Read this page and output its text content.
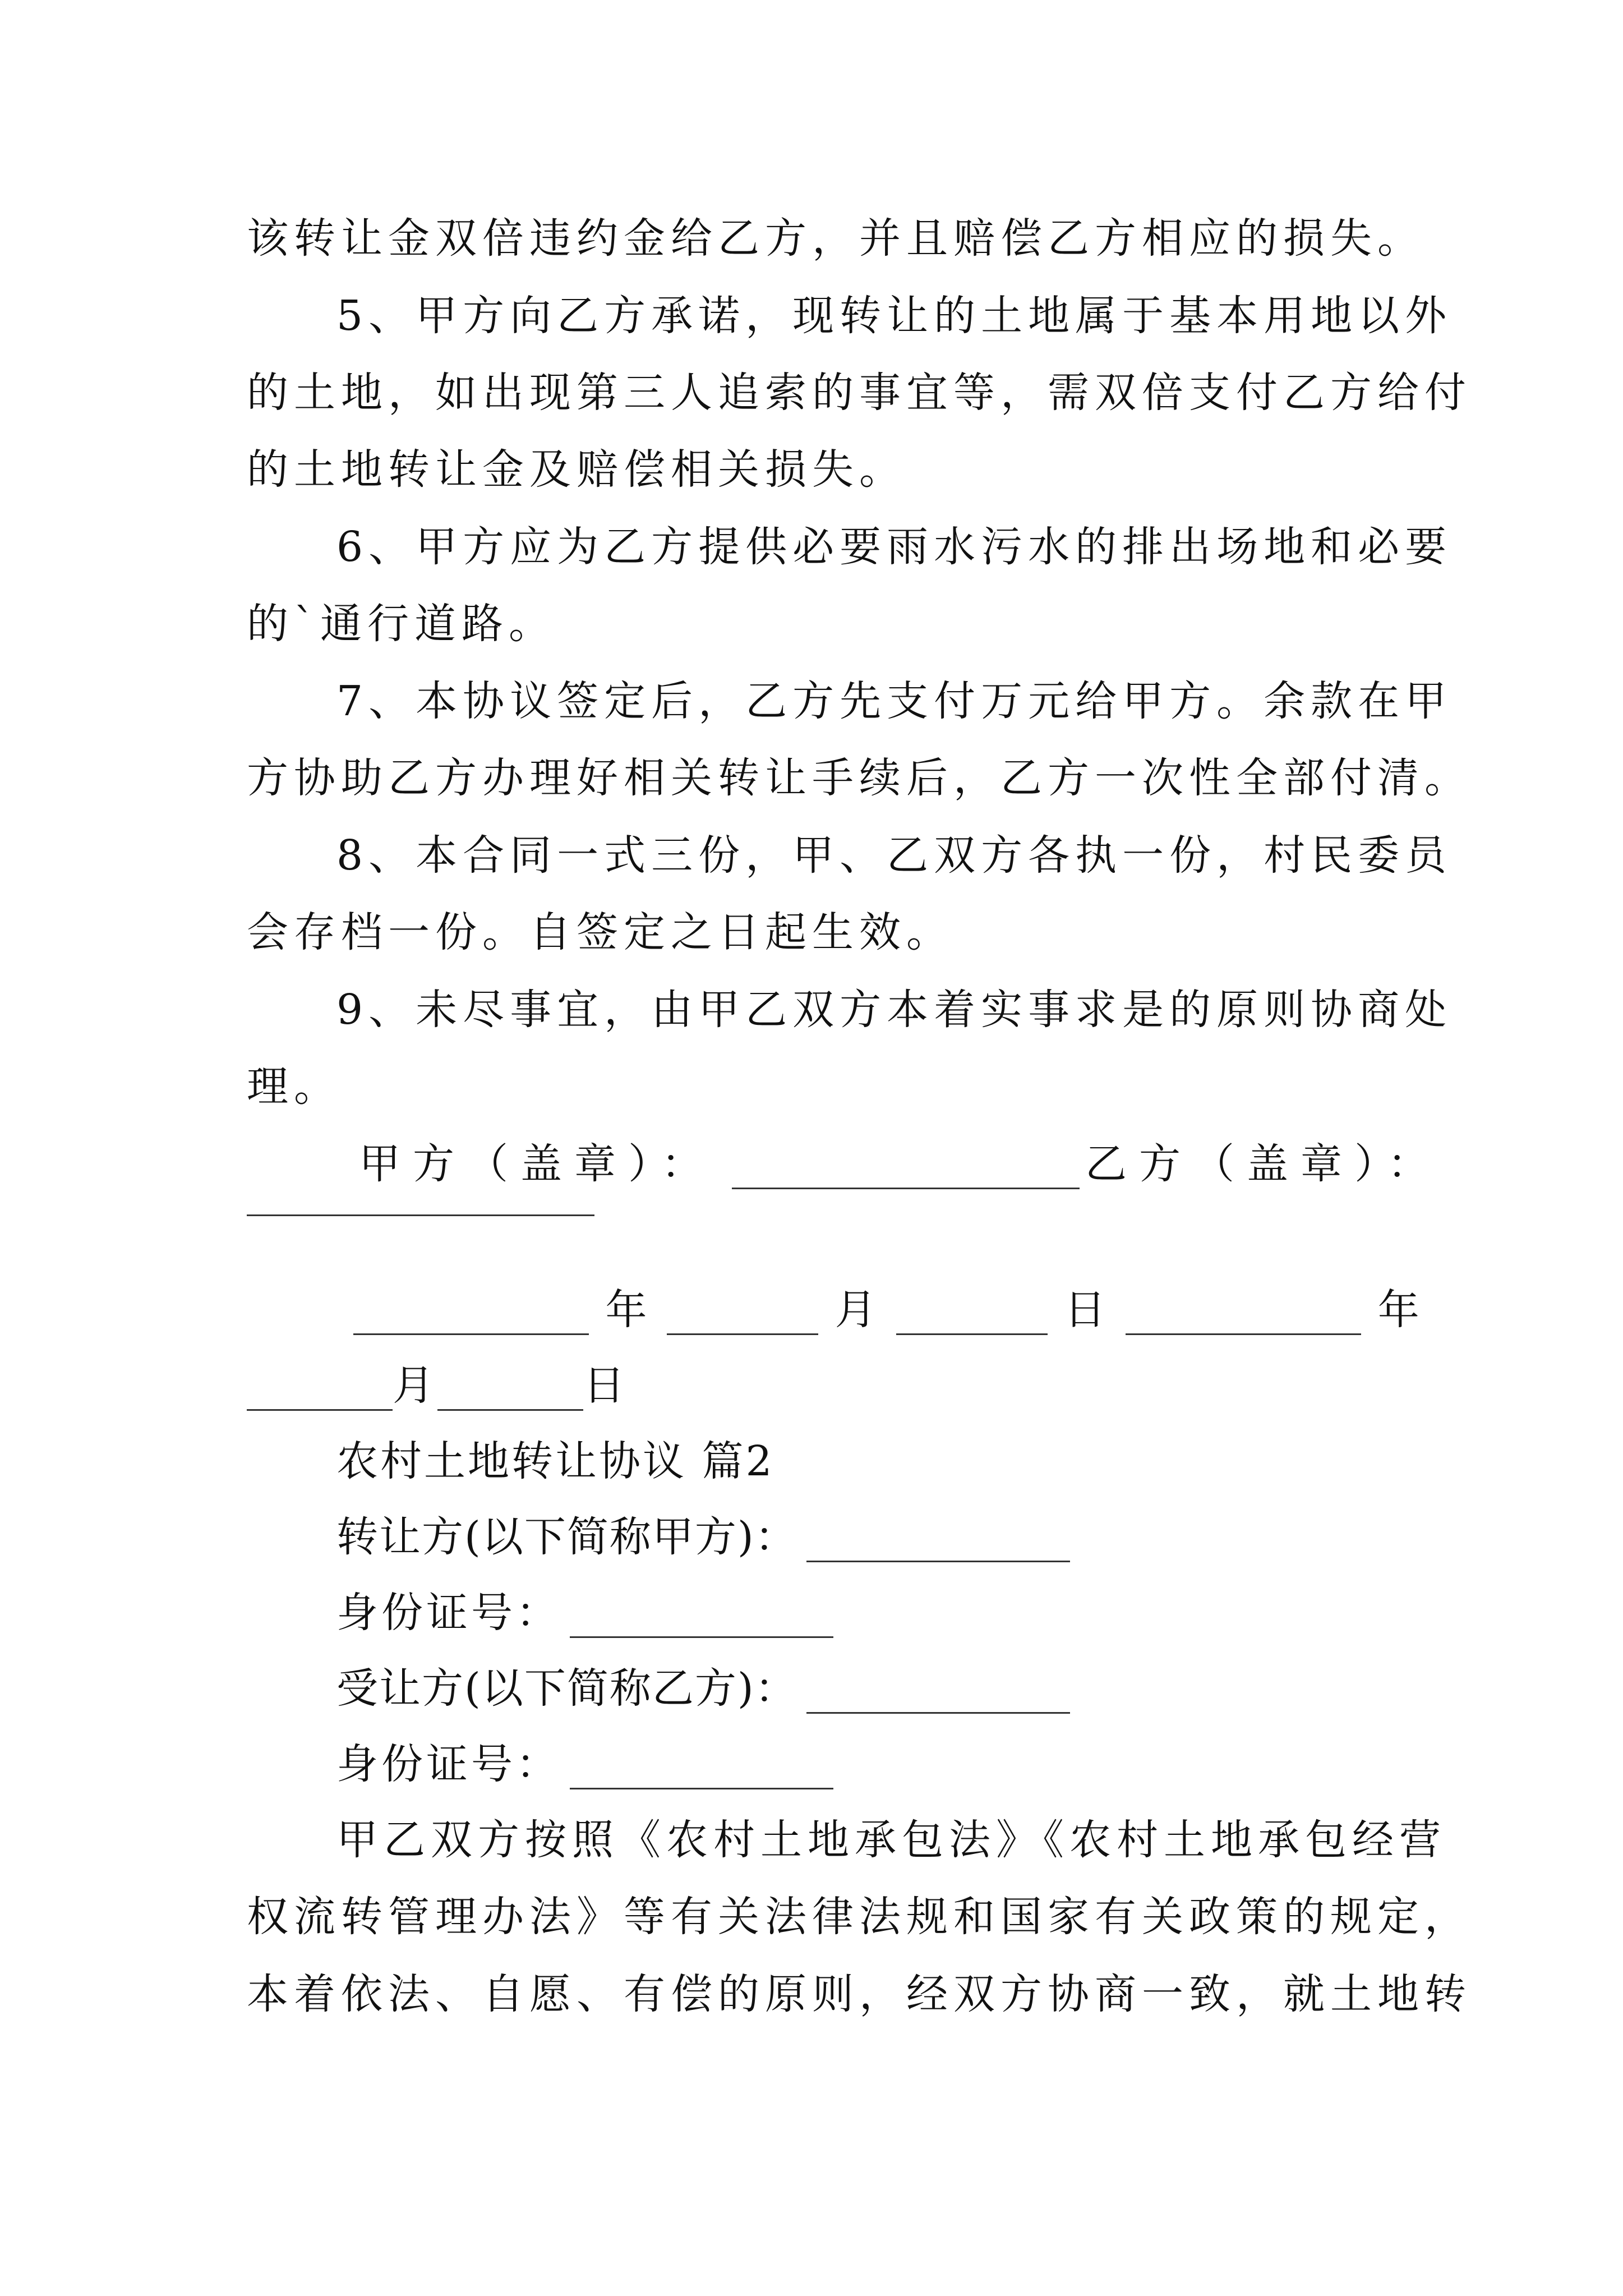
该转让金双倍违约金给乙方，并且赔偿乙方相应的损失。
5、甲方向乙方承诺，现转让的土地属于基本用地以外
的土地，如出现第三人追索的事宜等，需双倍支付乙方给付
的土地转让金及赔偿相关损失。
6、甲方应为乙方提供必要雨水污水的排出场地和必要
的`通行道路。
7、本协议签定后，乙方先支付万元给甲方。余款在甲
方协助乙方办理好相关转让手续后，乙方一次性全部付清。
8、本合同一式三份，甲、乙双方各执一份，村民委员
会存档一份。自签定之日起生效。
9、未尽事宜，由甲乙双方本着实事求是的原则协商处
理。
甲方（盖章）：	乙方（盖章）：
年	月	日	年
月	日
农村土地转让协议 篇2
转让方(以下简称甲方)：
身份证号：
受让方(以下简称乙方)：
身份证号：
甲乙双方按照《农村土地承包法》《农村土地承包经营
权流转管理办法》等有关法律法规和国家有关政策的规定，
本着依法、自愿、有偿的原则，经双方协商一致，就土地转
